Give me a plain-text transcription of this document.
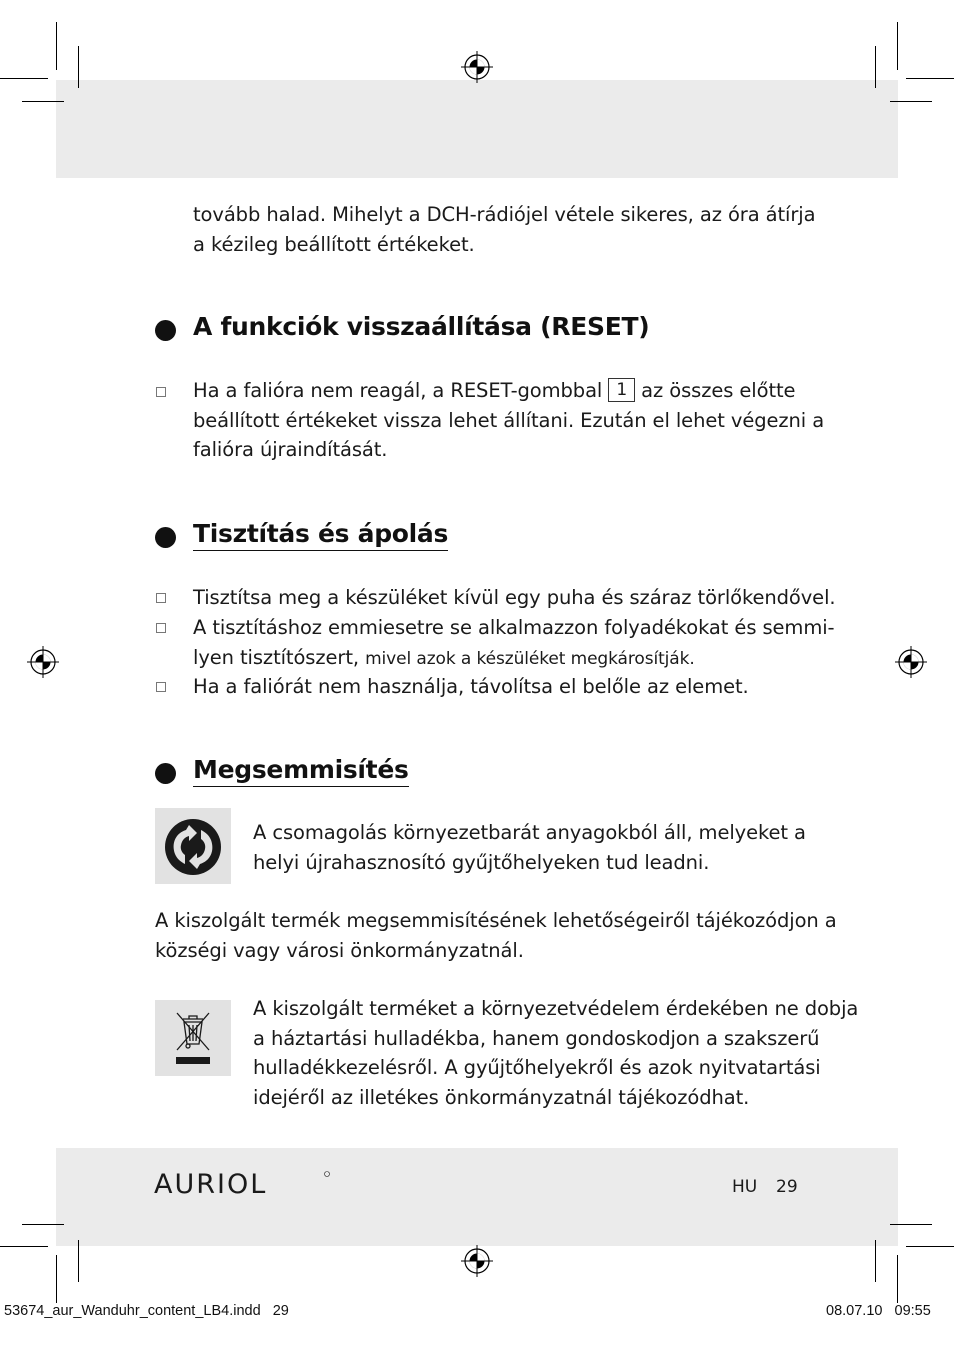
tovább halad. Mihelyt a DCH-rádiójel vétele sikeres, az óra átírja
a kézileg beállított értékeket.
A funkciók visszaállítása (RESET)
Ha a falióra nem reagál, a RESET-gombbal 1 az összes előtte
beállított értékeket vissza lehet állítani. Ezután el lehet végezni a
falióra újraindítását.
Tisztítás és ápolás
Tisztítsa meg a készüléket kívül egy puha és száraz törlőkendővel.
A tisztításhoz emmiesetre se alkalmazzon folyadékokat és semmi-
lyen tisztítószert, mivel azok a készüléket megkárosítják.
Ha a faliórát nem használja, távolítsa el belőle az elemet.
Megsemmisítés
A csomagolás környezetbarát anyagokból áll, melyeket a
helyi újrahasznosító gyűjtőhelyeken tud leadni.
A kiszolgált termék megsemmisítésének lehetőségeiről tájékozódjon a
községi vagy városi önkormányzatnál.
A kiszolgált terméket a környezetvédelem érdekében ne dobja
a háztartási hulladékba, hanem gondoskodjon a szakszerű
hulladékkezelésről. A gyűjtőhelyekről és azok nyitvatartási
idejéről az illetékes önkormányzatnál tájékozódhat.
AURIOL	HU 29
53674_aur_Wanduhr_content_LB4.indd   29	08.07.10   09:55
